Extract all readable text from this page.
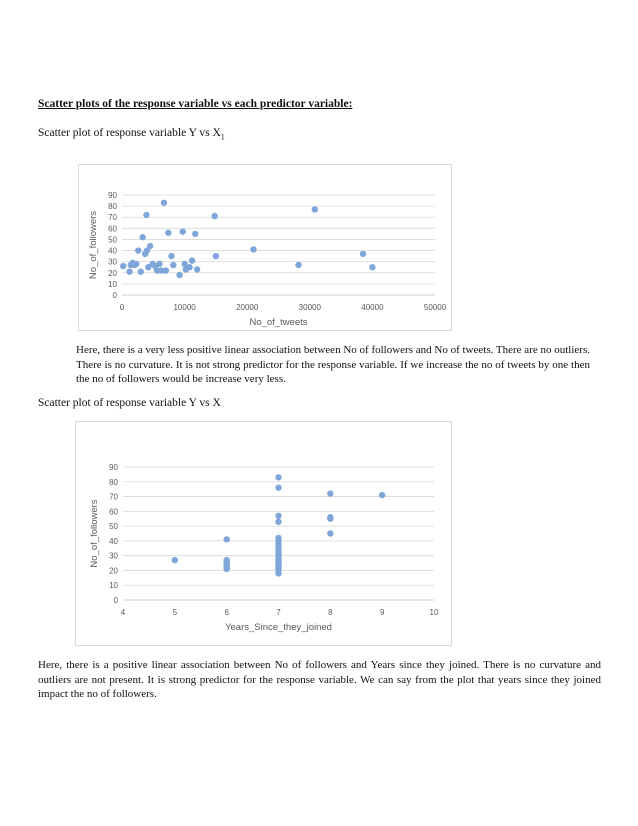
Scatter plots of the response variable vs each predictor variable:
Scatter plot of response variable Y vs $X_1$
0
10
20
30
40
50
60
70
80
90
0	10000	20000	30000	40000	50000
No_of_tweets
No_of_followers
Here, there is a very less positive linear association between No of followers and No of tweets. There are no outliers. There is no curvature. It is not strong predictor for the response variable. If we increase the no of tweets by one then the no of followers would be increase very less.
Scatter plot of response variable Y vs X
0
10
20
30
40
50
60
70
80
90
4	5	6	7	8	9	10
Years_Since_they_joined
No_of_followers
Here, there is a positive linear association between No of followers and Years since they joined. There is no curvature and outliers are not present. It is strong predictor for the response variable. We can say from the plot that years since they joined impact the no of followers.
